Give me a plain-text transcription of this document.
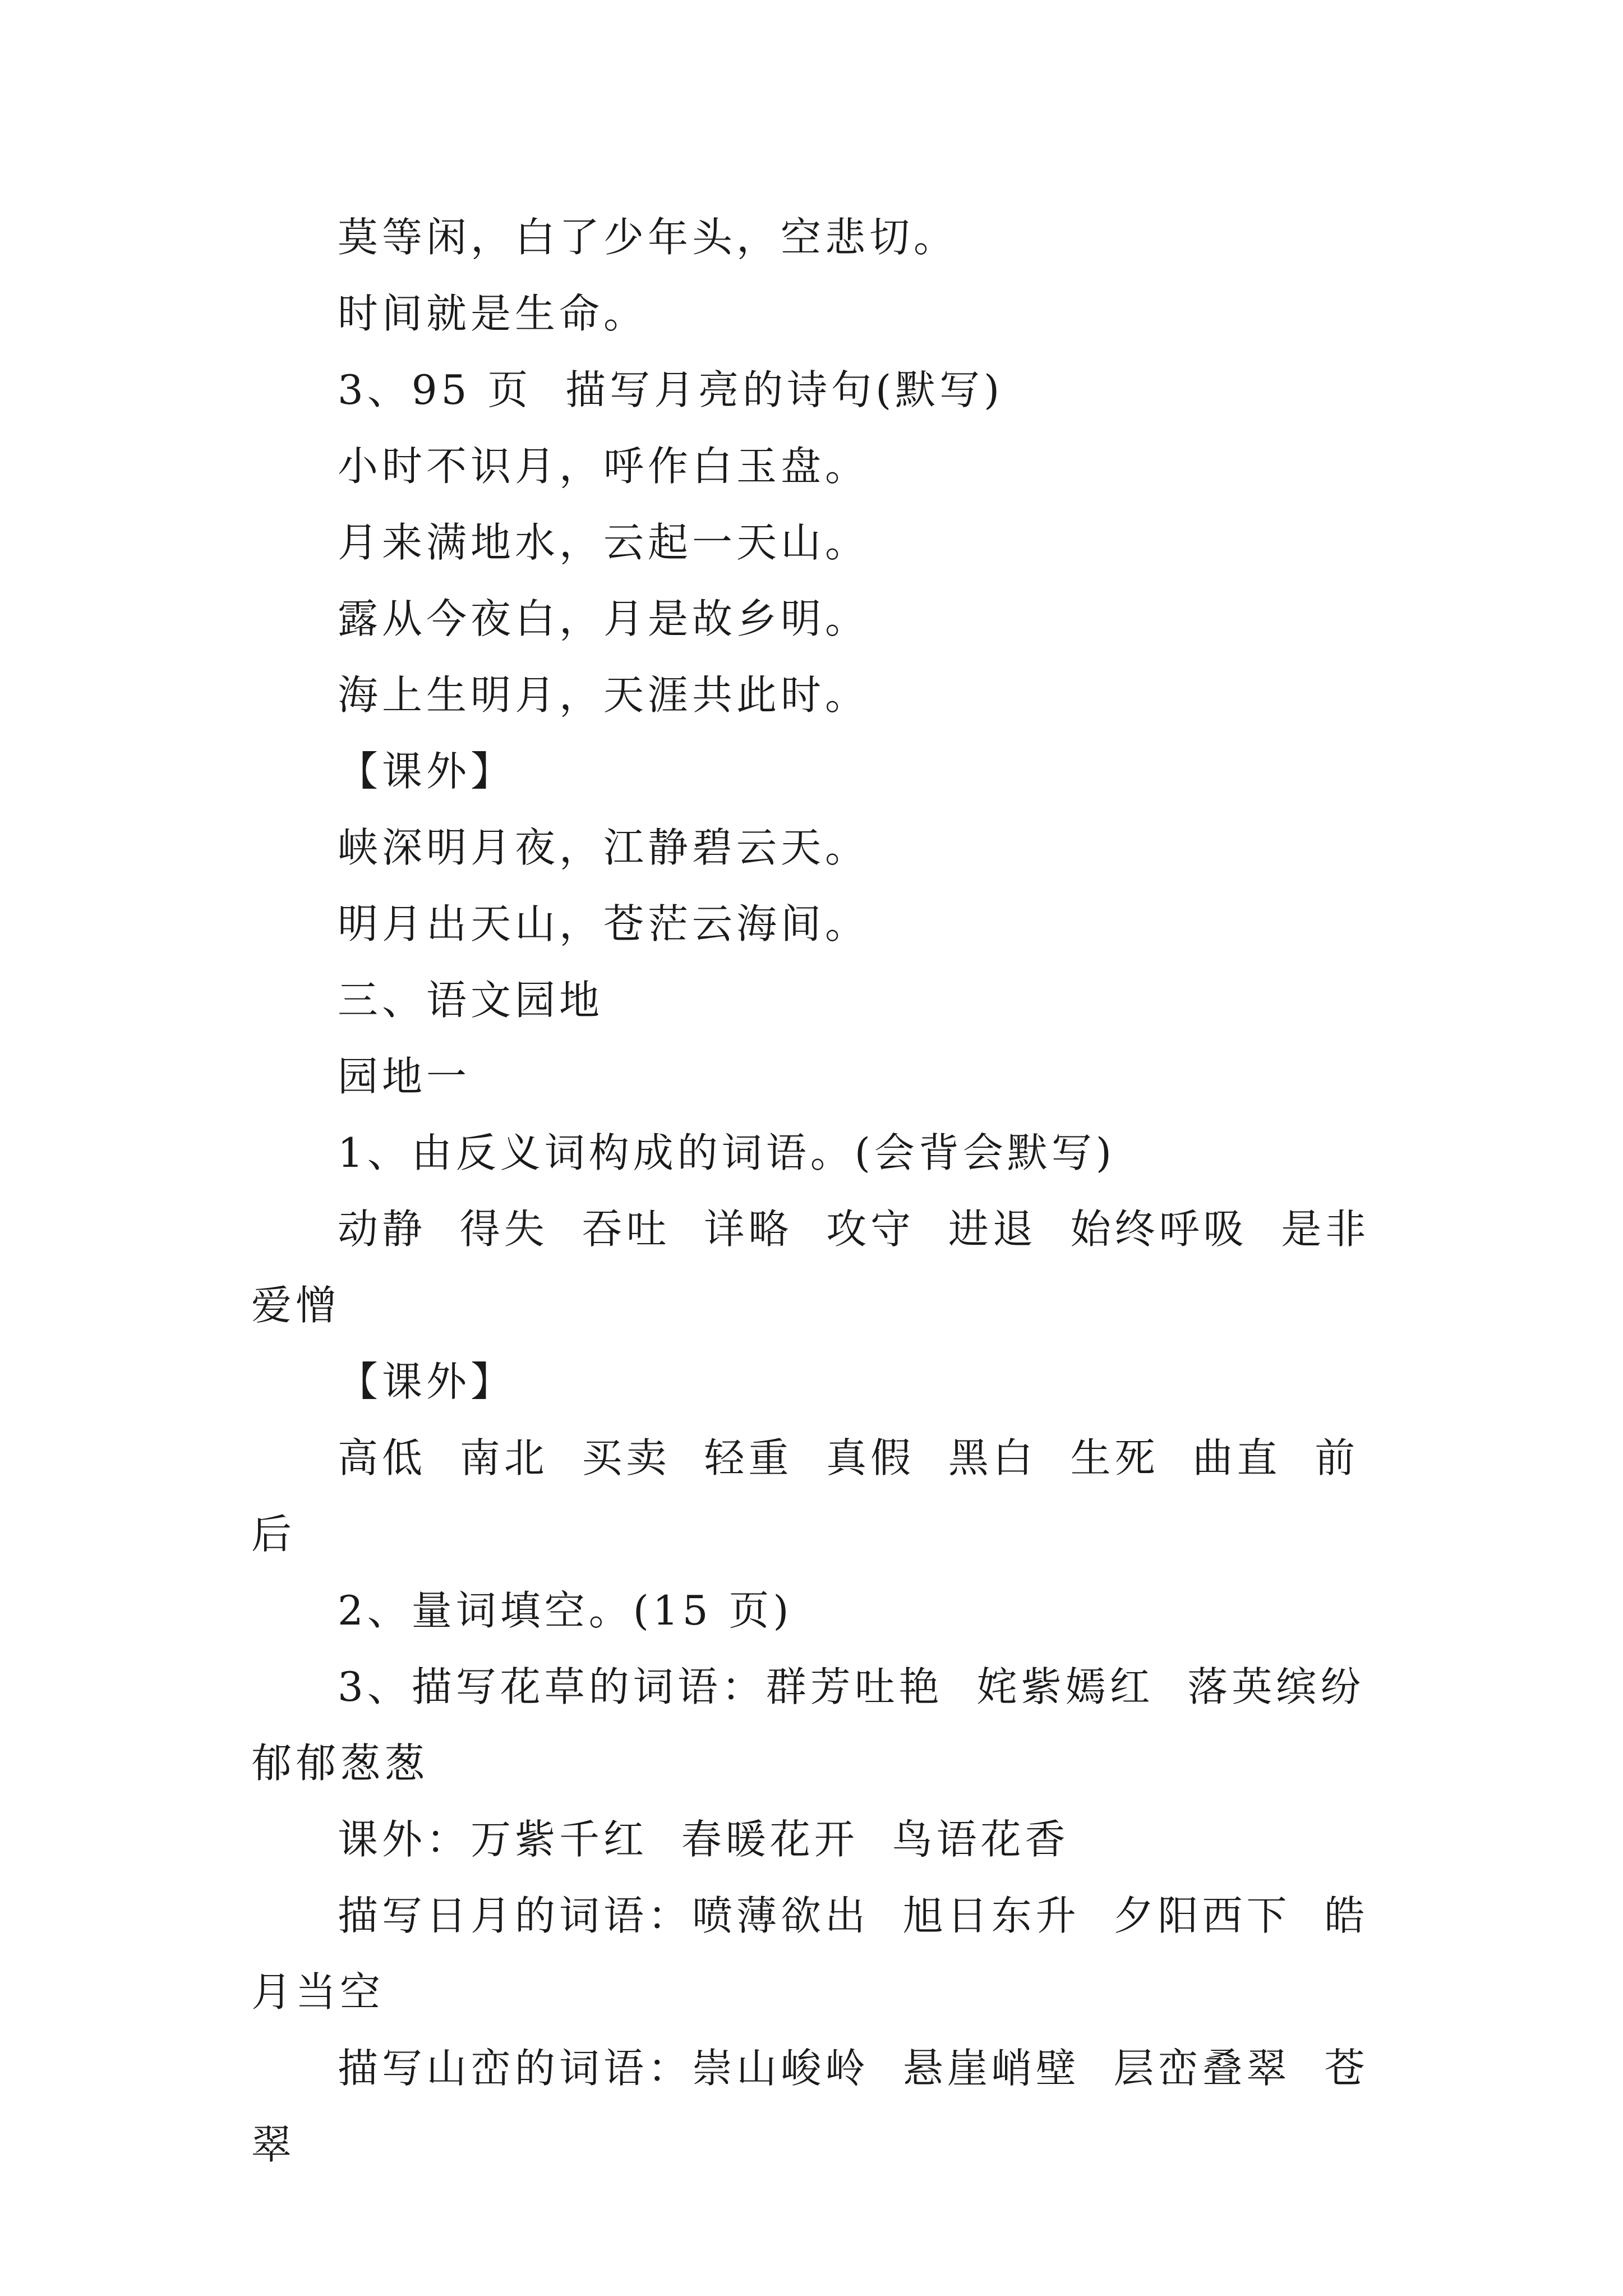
莫等闲，白了少年头，空悲切。

时间就是生命。

3、95 页  描写月亮的诗句(默写)

小时不识月，呼作白玉盘。

月来满地水，云起一天山。

露从今夜白，月是故乡明。

海上生明月，天涯共此时。

【课外】

峡深明月夜，江静碧云天。

明月出天山，苍茫云海间。

三、语文园地

园地一

1、由反义词构成的词语。(会背会默写)

动静  得失  吞吐  详略  攻守  进退  始终呼吸  是非  爱憎

【课外】

高低  南北  买卖  轻重  真假  黑白  生死  曲直  前后

2、量词填空。(15 页)

3、描写花草的词语：群芳吐艳  姹紫嫣红  落英缤纷  郁郁葱葱

课外：万紫千红  春暖花开  鸟语花香

描写日月的词语：喷薄欲出  旭日东升  夕阳西下  皓月当空

描写山峦的词语：崇山峻岭  悬崖峭壁  层峦叠翠  苍翠
